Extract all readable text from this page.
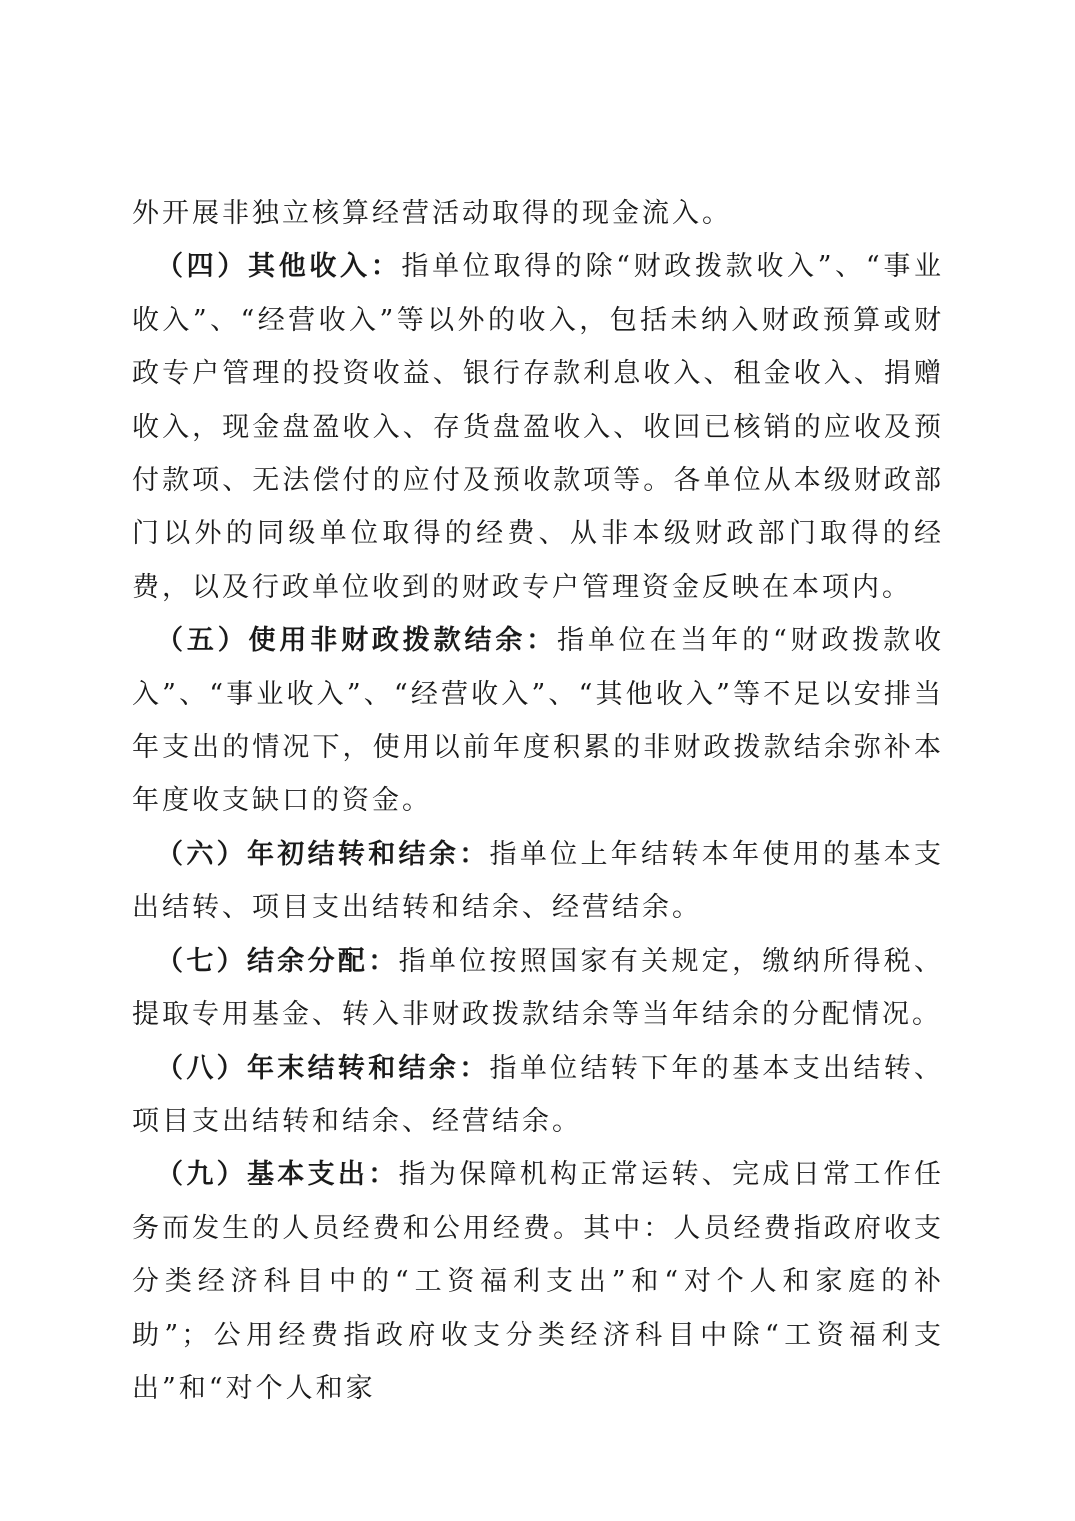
外开展非独立核算经营活动取得的现金流入。

（四）其他收入：指单位取得的除“财政拨款收入”、“事业收入”、“经营收入”等以外的收入，包括未纳入财政预算或财政专户管理的投资收益、银行存款利息收入、租金收入、捐赠收入，现金盘盈收入、存货盘盈收入、收回已核销的应收及预付款项、无法偿付的应付及预收款项等。各单位从本级财政部门以外的同级单位取得的经费、从非本级财政部门取得的经费，以及行政单位收到的财政专户管理资金反映在本项内。

（五）使用非财政拨款结余：指单位在当年的“财政拨款收入”、“事业收入”、“经营收入”、“其他收入”等不足以安排当年支出的情况下，使用以前年度积累的非财政拨款结余弥补本年度收支缺口的资金。

（六）年初结转和结余：指单位上年结转本年使用的基本支出结转、项目支出结转和结余、经营结余。

（七）结余分配：指单位按照国家有关规定，缴纳所得税、提取专用基金、转入非财政拨款结余等当年结余的分配情况。

（八）年末结转和结余：指单位结转下年的基本支出结转、项目支出结转和结余、经营结余。

（九）基本支出：指为保障机构正常运转、完成日常工作任务而发生的人员经费和公用经费。其中：人员经费指政府收支分类经济科目中的“工资福利支出”和“对个人和家庭的补助”；公用经费指政府收支分类经济科目中除“工资福利支出”和“对个人和家
